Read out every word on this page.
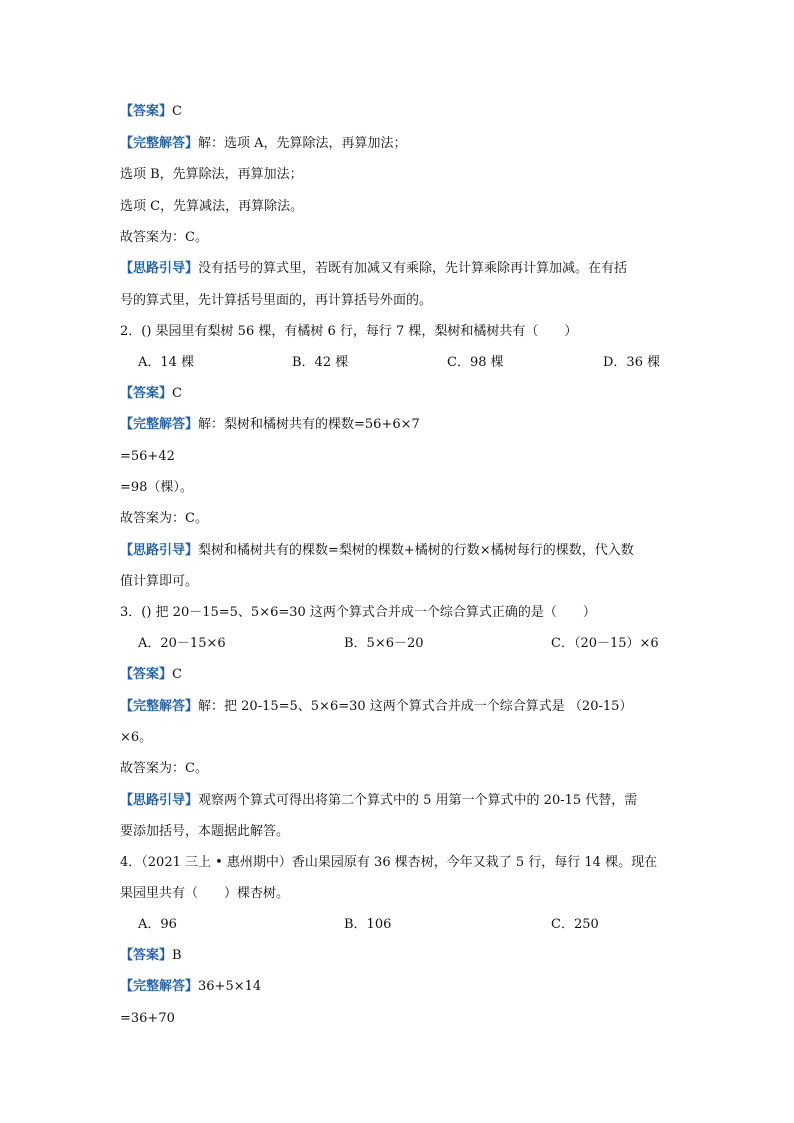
【答案】C
【完整解答】解：选项 A，先算除法，再算加法；
选项 B，先算除法，再算加法；
选项 C，先算减法，再算除法。
故答案为：C。
【思路引导】没有括号的算式里，若既有加减又有乘除，先计算乘除再计算加减。在有括
号的算式里，先计算括号里面的，再计算括号外面的。
2．() 果园里有梨树 56 棵，有橘树 6 行，每行 7 棵，梨树和橘树共有（　　）
A．14 棵	B．42 棵	C．98 棵	D．36 棵
【答案】C
【完整解答】解：梨树和橘树共有的棵数=56+6×7
=56+42
=98（棵）。
故答案为：C。
【思路引导】梨树和橘树共有的棵数=梨树的棵数+橘树的行数×橘树每行的棵数，代入数
值计算即可。
3．() 把 20－15=5、5×6=30 这两个算式合并成一个综合算式正确的是（　　）
A．20－15×6	B．5×6－20	C．（20－15）×6
【答案】C
【完整解答】解：把 20-15=5、5×6=30 这两个算式合并成一个综合算式是 （20-15）
×6。
故答案为：C。
【思路引导】观察两个算式可得出将第二个算式中的 5 用第一个算式中的 20-15 代替，需
要添加括号，本题据此解答。
4．（2021 三上 • 惠州期中）香山果园原有 36 棵杏树，今年又栽了 5 行，每行 14 棵。现在
果园里共有（　　）棵杏树。
A．96	B．106	C．250
【答案】B
【完整解答】36+5×14
=36+70
